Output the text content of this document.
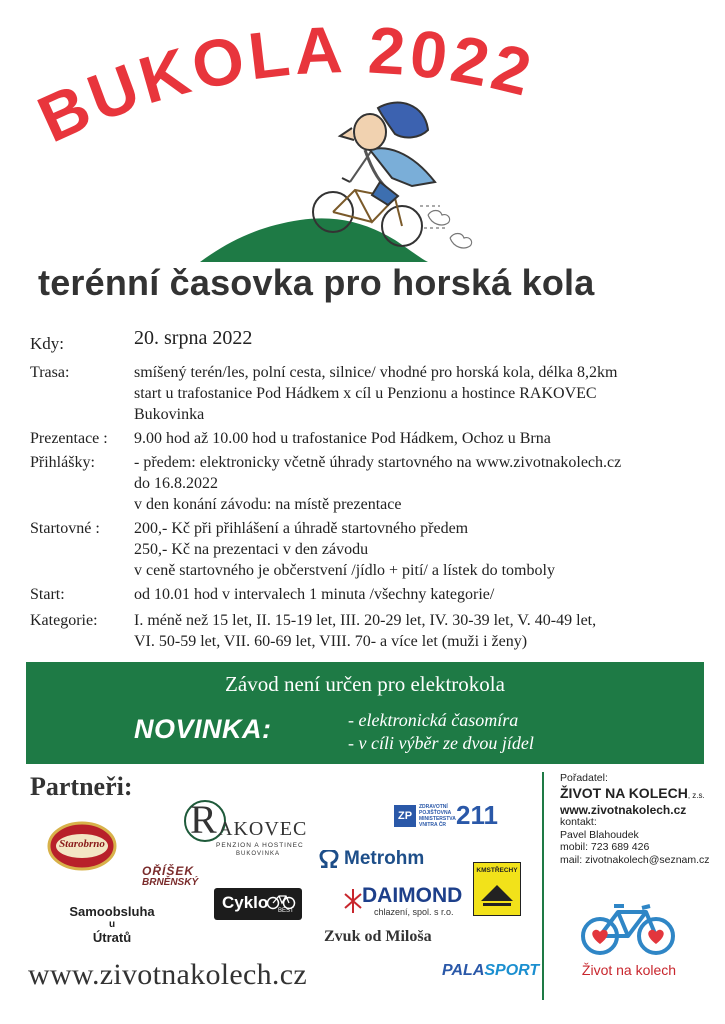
BUKOLA 2022
terénní časovka pro horská kola
Kdy:	20. srpna 2022
Trasa:	smíšený terén/les, polní cesta, silnice/ vhodné pro horská kola, délka 8,2km
start u trafostanice Pod Hádkem x cíl u Penzionu a hostince RAKOVEC
Bukovinka
Prezentace :	9.00 hod až 10.00 hod u trafostanice Pod Hádkem, Ochoz u Brna
Přihlášky:	- předem: elektronicky včetně úhrady startovného na www.zivotnakolech.cz
do 16.8.2022
v den konání závodu: na místě prezentace
Startovné :	200,- Kč při přihlášení a úhradě startovného předem
250,- Kč na prezentaci v den závodu
v ceně startovného je občerstvení /jídlo + pití/ a lístek do tomboly
Start:	od 10.01 hod v intervalech 1 minuta /všechny kategorie/
Kategorie:	I. méně než 15 let, II. 15-19 let, III. 20-29 let, IV. 30-39 let, V. 40-49 let,
VI. 50-59 let, VII. 60-69 let, VIII. 70- a více let (muži i ženy)
Závod není určen pro elektrokola
NOVINKA:	- elektronická časomíra
- v cíli výběr ze dvou jídel
Partneři:
Starobrno
R AKOVEC
PENZION A HOSTINEC
BUKOVINKA
ZP
ZDRAVOTNÍ
POJIŠŤOVNA
MINISTERSTVA
VNITRA ČR 211
Metrohm
OŘÍŠEK
BRNĚNSKÝ
KMSTŘECHY
Cyklo BEST
DAIMOND
chlazení, spol. s r.o.
Samoobsluha
u
Útratů	Zvuk od Miloša
PALASPORT
www.zivotnakolech.cz
Pořadatel:
ŽIVOT NA KOLECH, z.s.
www.zivotnakolech.cz
kontakt:
Pavel Blahoudek
mobil: 723 689 426
mail: zivotnakolech@seznam.cz
Život na kolech
